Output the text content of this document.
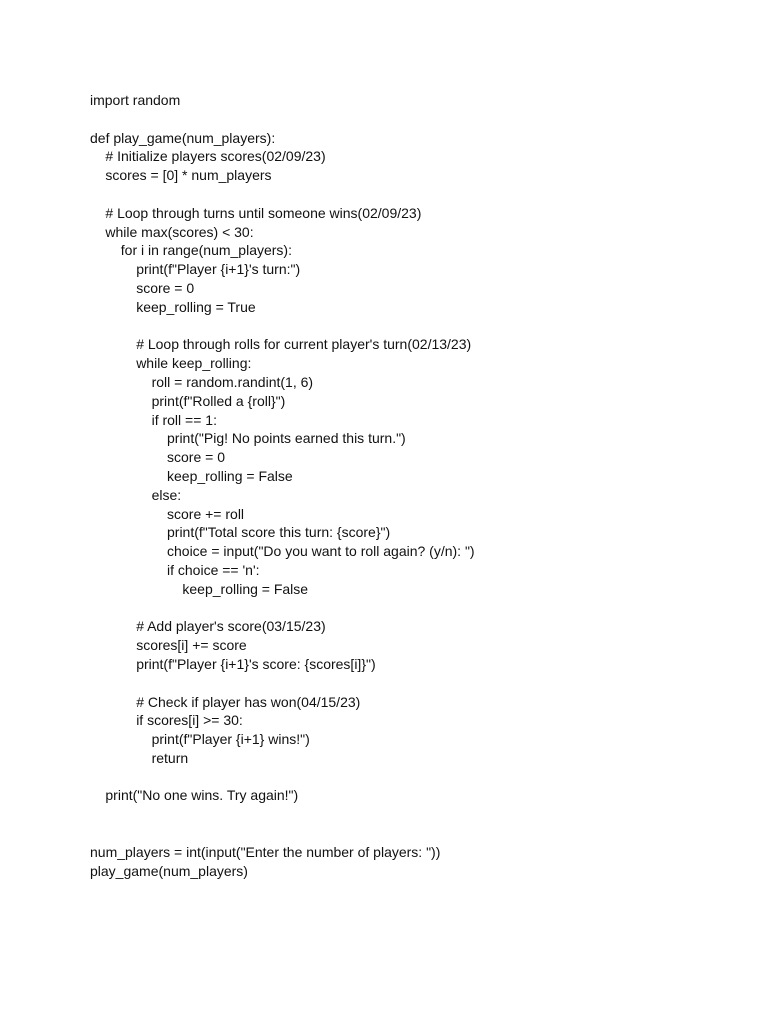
import random
def play_game(num_players):
# Initialize players scores(02/09/23)
scores = [0] * num_players
# Loop through turns until someone wins(02/09/23)
while max(scores) < 30:
for i in range(num_players):
print(f"Player {i+1}'s turn:")
score = 0
keep_rolling = True
# Loop through rolls for current player's turn(02/13/23)
while keep_rolling:
roll = random.randint(1, 6)
print(f"Rolled a {roll}")
if roll == 1:
print("Pig! No points earned this turn.")
score = 0
keep_rolling = False
else:
score += roll
print(f"Total score this turn: {score}")
choice = input("Do you want to roll again? (y/n): ")
if choice == 'n':
keep_rolling = False
# Add player's score(03/15/23)
scores[i] += score
print(f"Player {i+1}'s score: {scores[i]}")
# Check if player has won(04/15/23)
if scores[i] >= 30:
print(f"Player {i+1} wins!")
return
print("No one wins. Try again!")
num_players = int(input("Enter the number of players: "))
play_game(num_players)
